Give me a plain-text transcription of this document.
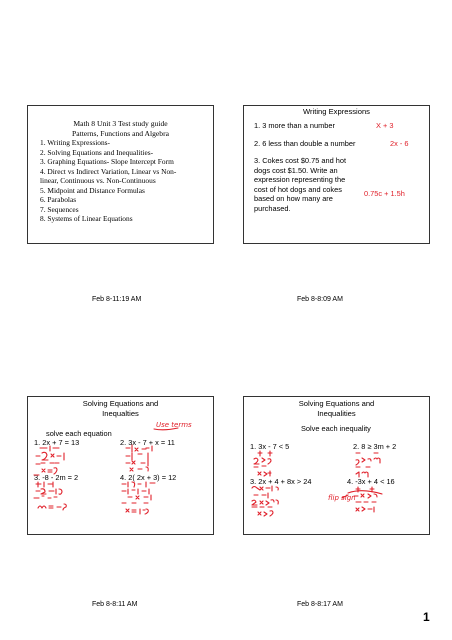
Math 8 Unit 3 Test study guide
Patterns, Functions and Algebra
1. Writing Expressions-
2. Solving Equations and Inequalities-
3. Graphing Equations- Slope Intercept Form
4. Direct vs Indirect Variation, Linear vs Non-
linear, Continuous vs. Non-Continuous
5. Midpoint and Distance Formulas
6. Parabolas
7. Sequences
8. Systems of Linear Equations
Feb 8-11:19 AM
Writing Expressions
1. 3 more than a number	X + 3
2. 6 less than double a number	2x - 6
3. Cokes cost $0.75 and hot
dogs cost $1.50. Write an
expression representing the
cost of hot dogs and cokes
based on how many are
purchased.
0.75c + 1.5h
Feb 8-8:09 AM
Solving Equations and
Inequalties
solve each equation
1. 2x + 7 = 13	2. 3x - 7 + x = 11
3. -8 - 2m = 2	4. 2( 2x + 3) = 12
Use terms
Feb 8-8:11 AM
Solving Equations and
Inequalities
Solve each inequality
1. 3x - 7 < 5	2. 8 ≥ 3m + 2
3. 2x + 4 + 8x > 24	4. -3x + 4 < 16
flip sign
Feb 8-8:17 AM
1
